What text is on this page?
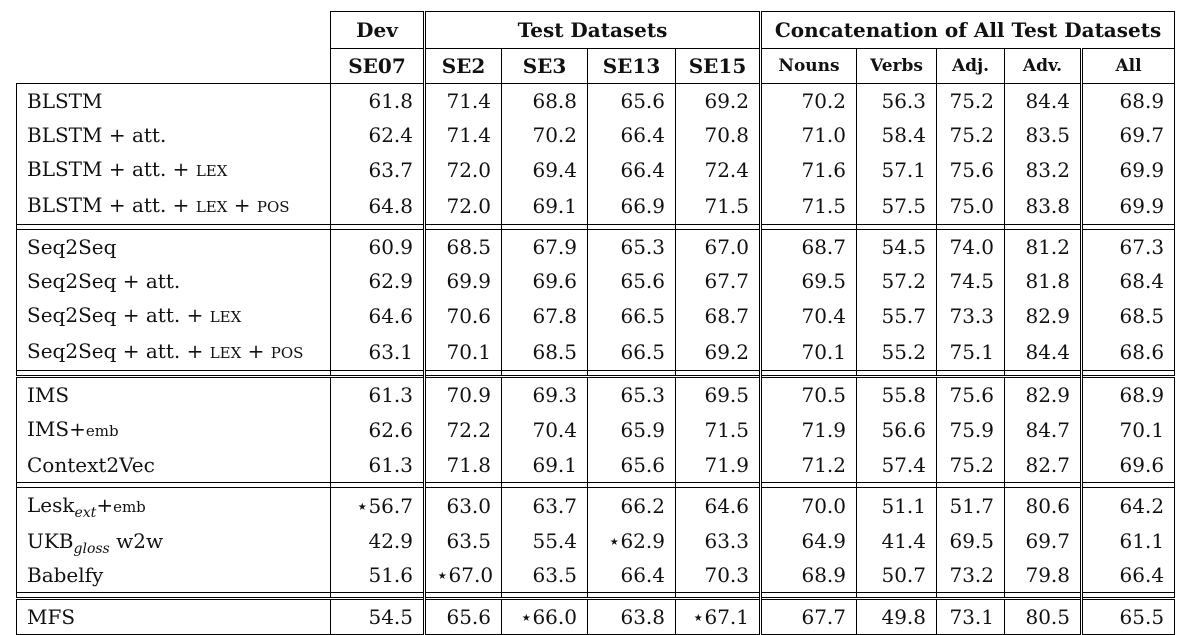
	Dev	Test Datasets				Concatenation of All Test Datasets				
	SE07	SE2	SE3	SE13	SE15	Nouns	Verbs	Adj.	Adv.	All
BLSTM	61.8	71.4	68.8	65.6	69.2	70.2	56.3	75.2	84.4	68.9
BLSTM + att.	62.4	71.4	70.2	66.4	70.8	71.0	58.4	75.2	83.5	69.7
BLSTM + att. + LEX	63.7	72.0	69.4	66.4	72.4	71.6	57.1	75.6	83.2	69.9
BLSTM + att. + LEX + POS	64.8	72.0	69.1	66.9	71.5	71.5	57.5	75.0	83.8	69.9

Seq2Seq	60.9	68.5	67.9	65.3	67.0	68.7	54.5	74.0	81.2	67.3
Seq2Seq + att.	62.9	69.9	69.6	65.6	67.7	69.5	57.2	74.5	81.8	68.4
Seq2Seq + att. + LEX	64.6	70.6	67.8	66.5	68.7	70.4	55.7	73.3	82.9	68.5
Seq2Seq + att. + LEX + POS	63.1	70.1	68.5	66.5	69.2	70.1	55.2	75.1	84.4	68.6

IMS	61.3	70.9	69.3	65.3	69.5	70.5	55.8	75.6	82.9	68.9
IMS+emb	62.6	72.2	70.4	65.9	71.5	71.9	56.6	75.9	84.7	70.1
Context2Vec	61.3	71.8	69.1	65.6	71.9	71.2	57.4	75.2	82.7	69.6

Lesk$_{ext}$+emb	⋆56.7	63.0	63.7	66.2	64.6	70.0	51.1	51.7	80.6	64.2
$UKB_{gloss}$ w2w	42.9	63.5	55.4	⋆62.9	63.3	64.9	41.4	69.5	69.7	61.1
Babelfy	51.6	⋆67.0	63.5	66.4	70.3	68.9	50.7	73.2	79.8	66.4

MFS	54.5	65.6	⋆66.0	63.8	⋆67.1	67.7	49.8	73.1	80.5	65.5
